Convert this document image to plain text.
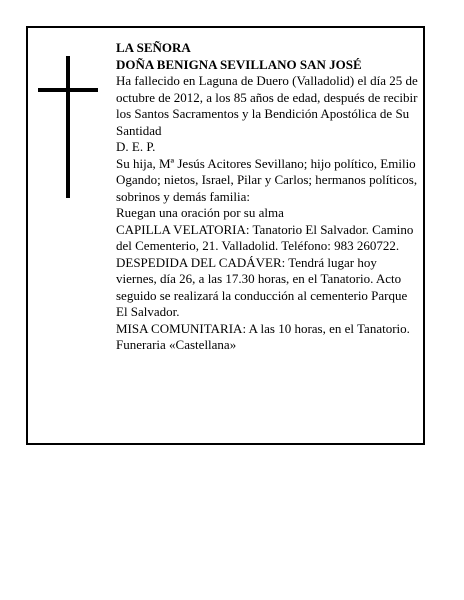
LA SEÑORA

DOÑA BENIGNA SEVILLANO SAN JOSÉ

Ha fallecido en Laguna de Duero (Valladolid) el día 25 de octubre de 2012, a los 85 años de edad, después de recibir los Santos Sacramentos y la Bendición Apostólica de Su Santidad

D. E. P.

Su hija, Mª Jesús Acitores Sevillano; hijo político, Emilio Ogando; nietos, Israel, Pilar y Carlos; hermanos políticos, sobrinos y demás familia:

Ruegan una oración por su alma

CAPILLA VELATORIA: Tanatorio El Salvador. Camino del Cementerio, 21. Valladolid. Teléfono: 983 260722.

DESPEDIDA DEL CADÁVER: Tendrá lugar hoy viernes, día 26, a las 17.30 horas, en el Tanatorio. Acto seguido se realizará la conducción al cementerio Parque El Salvador.

MISA COMUNITARIA: A las 10 horas, en el Tanatorio.

Funeraria «Castellana»
